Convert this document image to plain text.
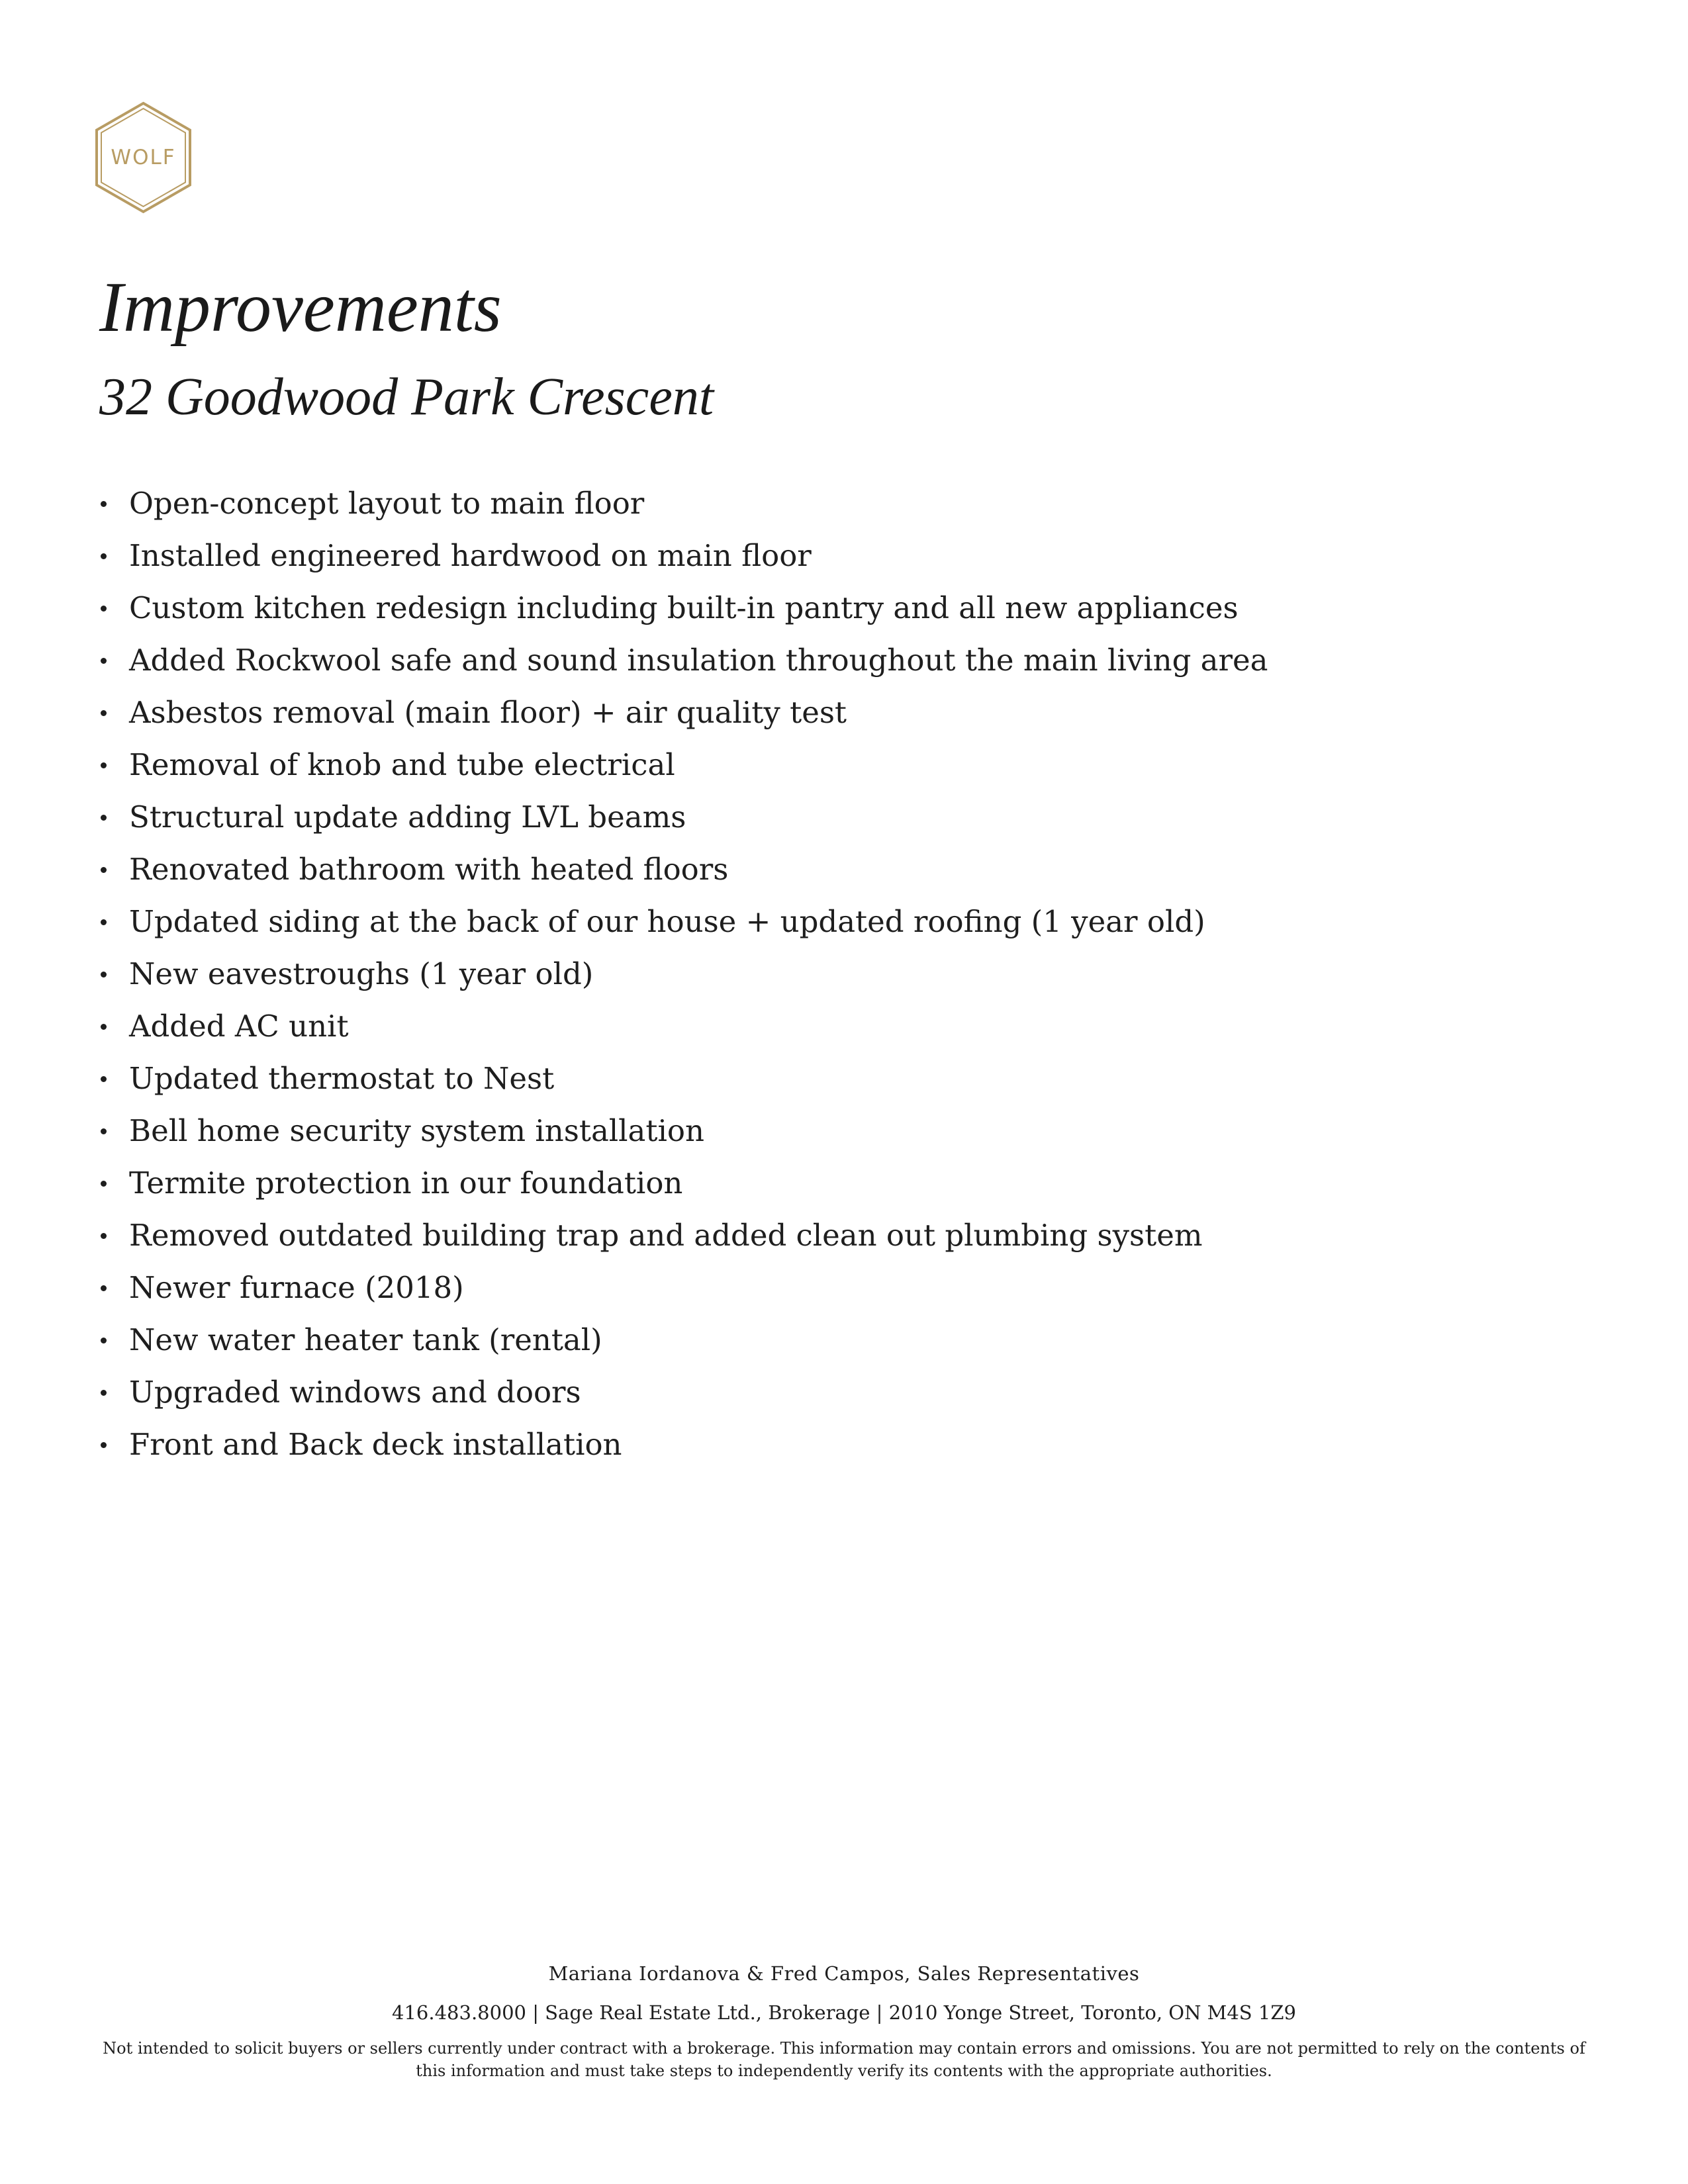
WOLF
Improvements
32 Goodwood Park Crescent
Open-concept layout to main floor
Installed engineered hardwood on main floor
Custom kitchen redesign including built-in pantry and all new appliances
Added Rockwool safe and sound insulation throughout the main living area
Asbestos removal (main floor) + air quality test
Removal of knob and tube electrical
Structural update adding LVL beams
Renovated bathroom with heated floors
Updated siding at the back of our house + updated roofing (1 year old)
New eavestroughs (1 year old)
Added AC unit
Updated thermostat to Nest
Bell home security system installation
Termite protection in our foundation
Removed outdated building trap and added clean out plumbing system
Newer furnace (2018)
New water heater tank (rental)
Upgraded windows and doors
Front and Back deck installation
Mariana Iordanova & Fred Campos, Sales Representatives
416.483.8000 | Sage Real Estate Ltd., Brokerage | 2010 Yonge Street, Toronto, ON M4S 1Z9
Not intended to solicit buyers or sellers currently under contract with a brokerage. This information may contain errors and omissions. You are not permitted to rely on the contents of this information and must take steps to independently verify its contents with the appropriate authorities.
